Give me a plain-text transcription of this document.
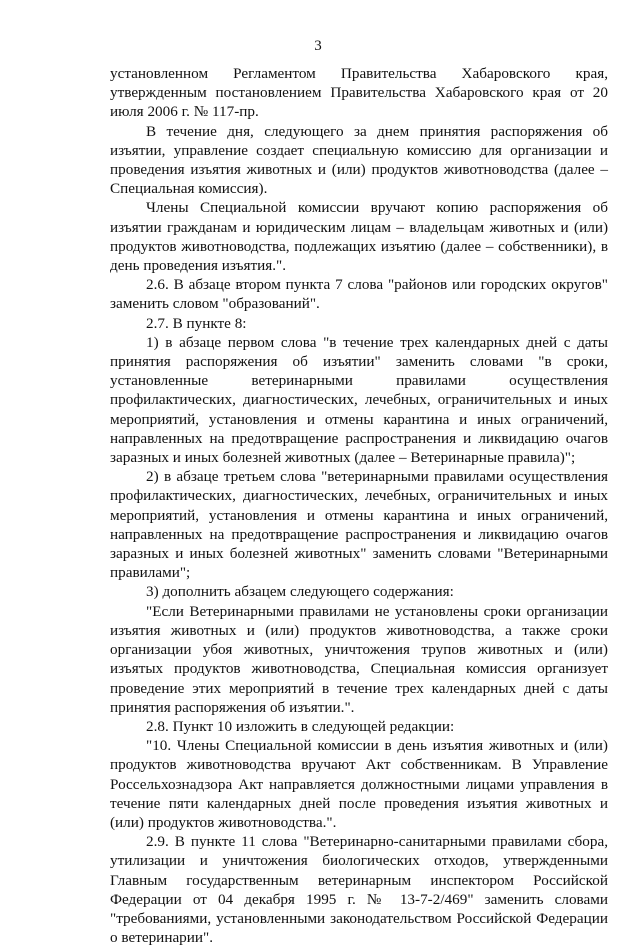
3

установленном Регламентом Правительства Хабаровского края, утвержденным постановлением Правительства Хабаровского края от 20 июля 2006 г. № 117-пр.

В течение дня, следующего за днем принятия распоряжения об изъятии, управление создает специальную комиссию для организации и проведения изъятия животных и (или) продуктов животноводства (далее – Специальная комиссия).

Члены Специальной комиссии вручают копию распоряжения об изъятии гражданам и юридическим лицам – владельцам животных и (или) продуктов животноводства, подлежащих изъятию (далее – собственники), в день проведения изъятия.".

2.6. В абзаце втором пункта 7 слова "районов или городских округов" заменить словом "образований".

2.7. В пункте 8:

1) в абзаце первом слова "в течение трех календарных дней с даты принятия распоряжения об изъятии" заменить словами "в сроки, установленные ветеринарными правилами осуществления профилактических, диагностических, лечебных, ограничительных и иных мероприятий, установления и отмены карантина и иных ограничений, направленных на предотвращение распространения и ликвидацию очагов заразных и иных болезней животных (далее – Ветеринарные правила)";

2) в абзаце третьем слова "ветеринарными правилами осуществления профилактических, диагностических, лечебных, ограничительных и иных мероприятий, установления и отмены карантина и иных ограничений, направленных на предотвращение распространения и ликвидацию очагов заразных и иных болезней животных" заменить словами "Ветеринарными правилами";

3) дополнить абзацем следующего содержания:

"Если Ветеринарными правилами не установлены сроки организации изъятия животных и (или) продуктов животноводства, а также сроки организации убоя животных, уничтожения трупов животных и (или) изъятых продуктов животноводства, Специальная комиссия организует проведение этих мероприятий в течение трех календарных дней с даты принятия распоряжения об изъятии.".

2.8. Пункт 10 изложить в следующей редакции:

"10. Члены Специальной комиссии в день изъятия животных и (или) продуктов животноводства вручают Акт собственникам. В Управление Россельхознадзора Акт направляется должностными лицами управления в течение пяти календарных дней после проведения изъятия животных и (или) продуктов животноводства.".

2.9. В пункте 11 слова "Ветеринарно-санитарными правилами сбора, утилизации и уничтожения биологических отходов, утвержденными Главным государственным ветеринарным инспектором Российской Федерации от 04 декабря 1995 г. № 13-7-2/469" заменить словами "требованиями, установленными законодательством Российской Федерации о ветеринарии".
